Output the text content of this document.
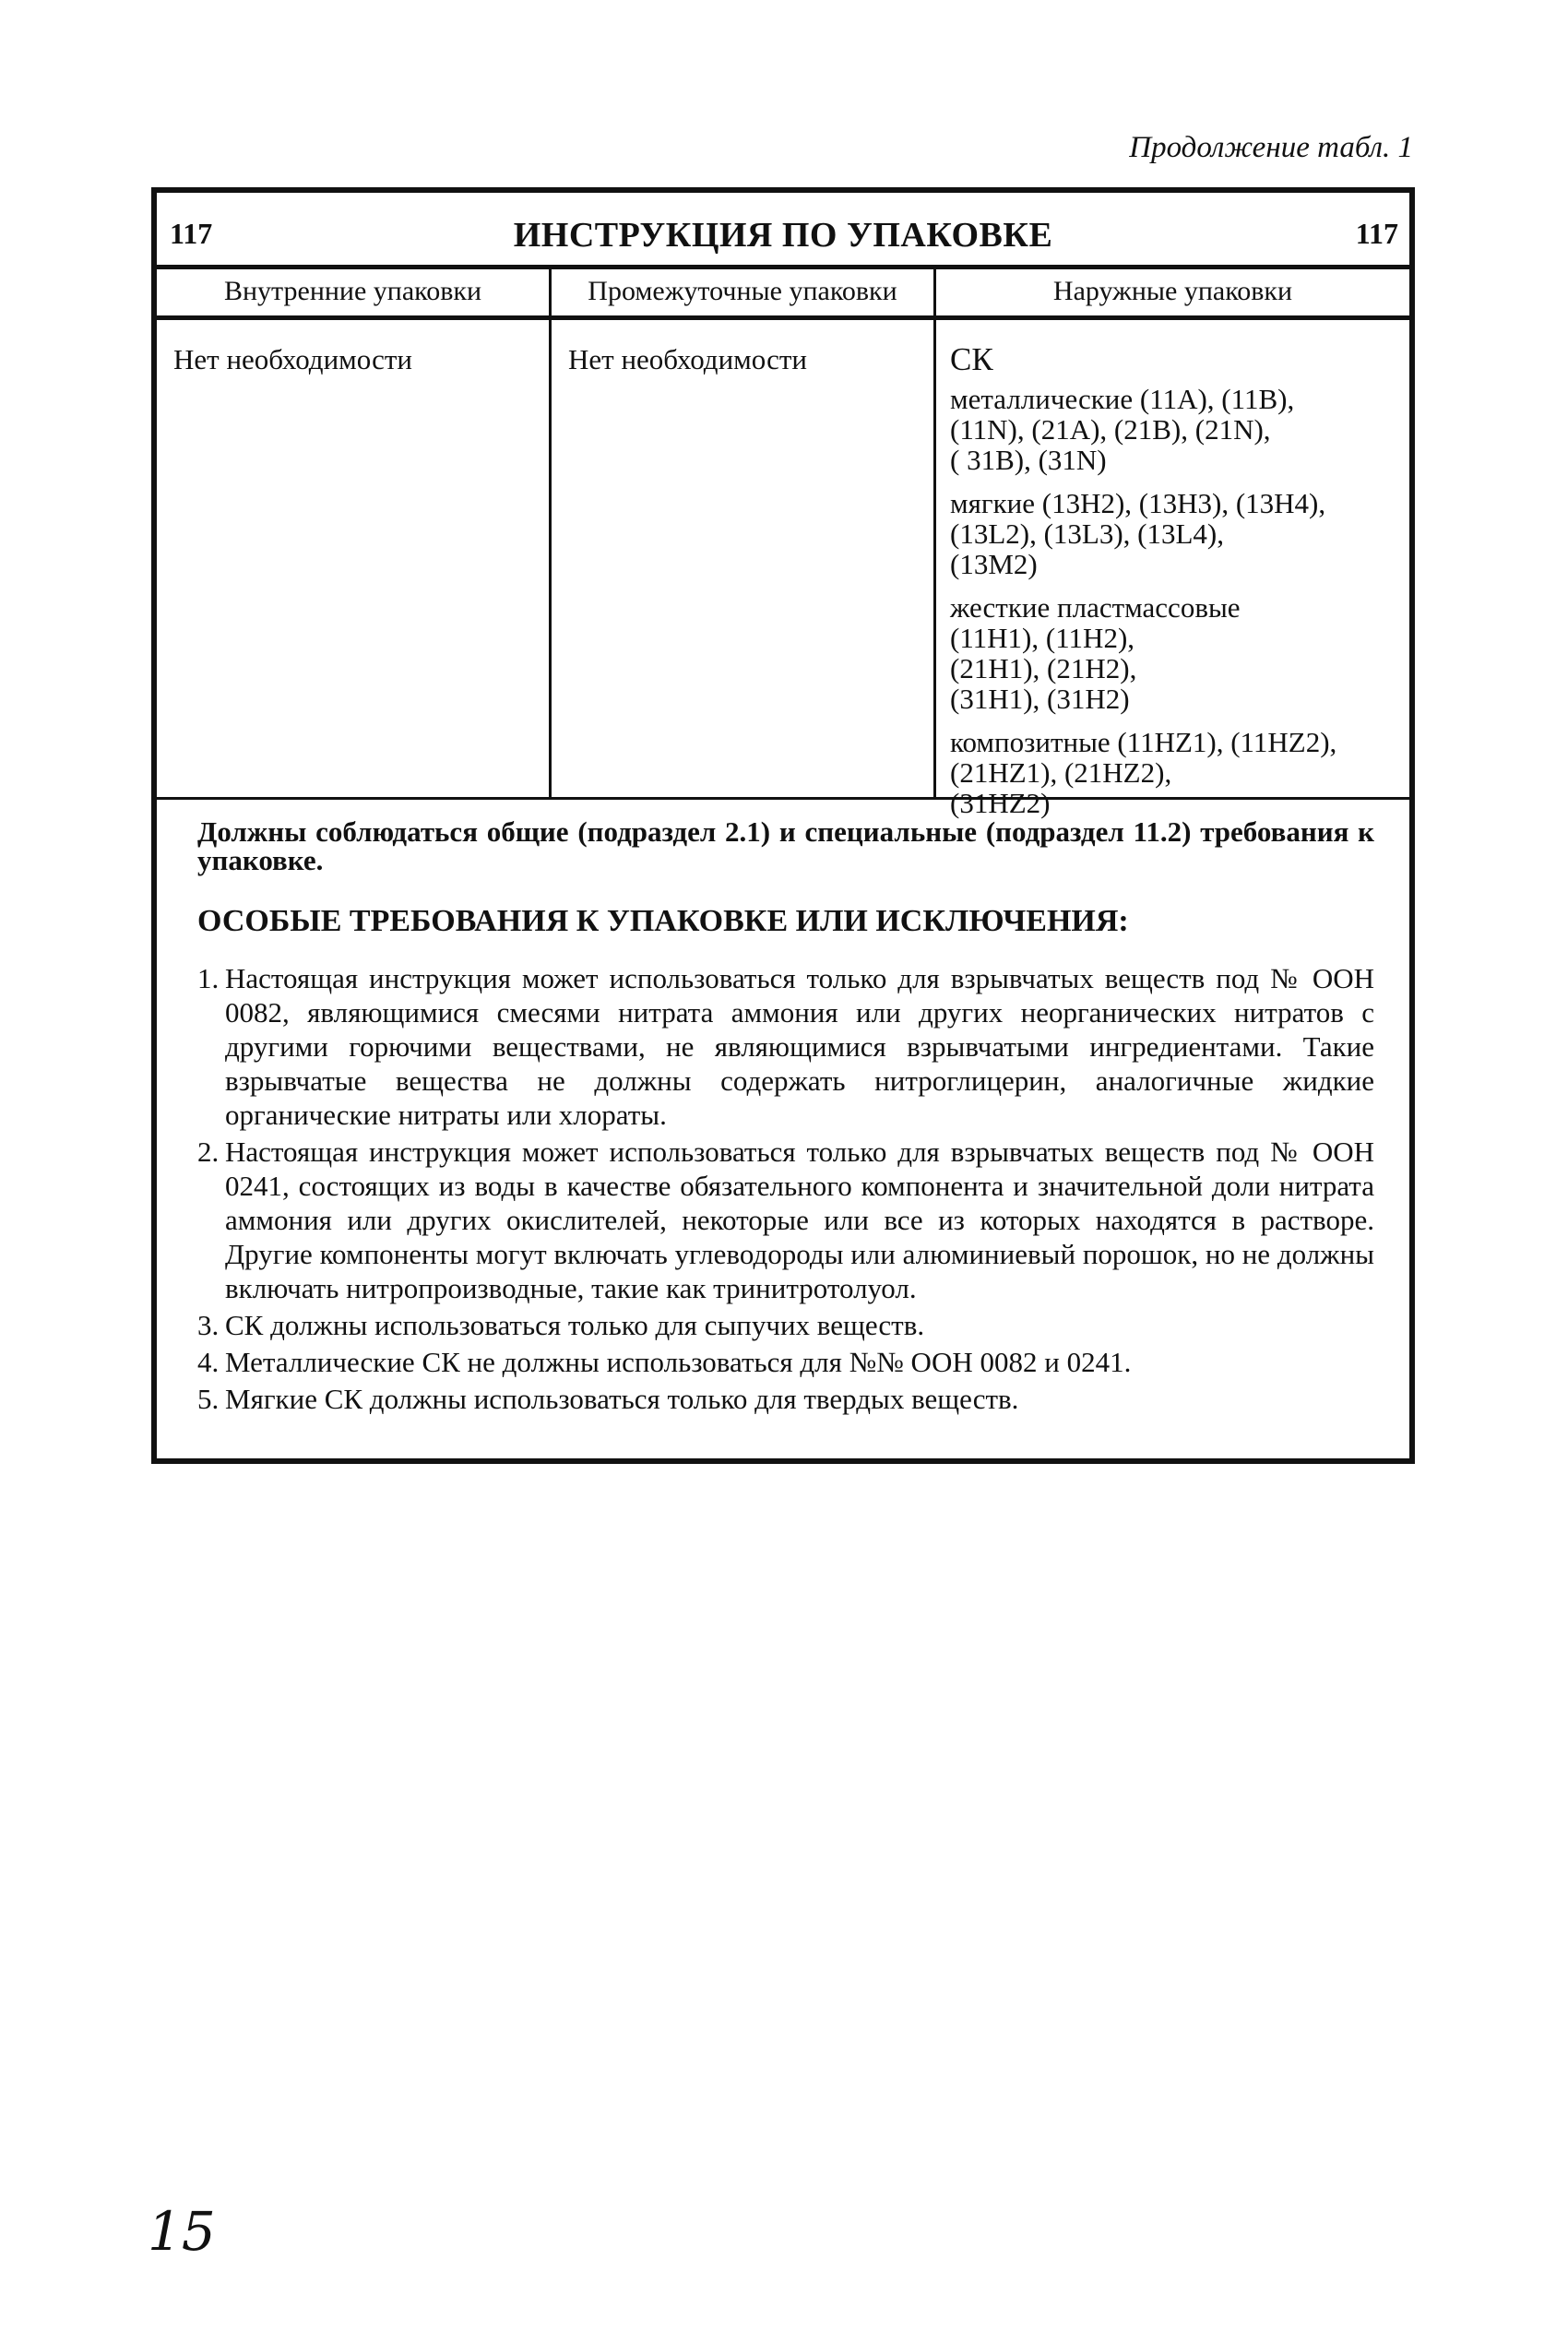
Продолжение табл. 1
117	ИНСТРУКЦИЯ ПО УПАКОВКЕ	117
Внутренние упаковки	Промежуточные упаковки	Наружные упаковки
Нет необходимости	Нет необходимости	СК
металлические (11А), (11В),
(11N), (21A), (21B), (21N),
( 31B), (31N)
мягкие (13Н2), (13Н3), (13Н4),
(13L2), (13L3), (13L4),
(13M2)
жесткие пластмассовые
(11H1), (11H2),
(21H1), (21H2),
(31H1), (31H2)
композитные (11HZ1), (11HZ2),
(21HZ1), (21HZ2),
(31HZ2)
Должны соблюдаться общие (подраздел 2.1) и специальные (подраздел 11.2) требования к упаковке.
ОСОБЫЕ ТРЕБОВАНИЯ К УПАКОВКЕ ИЛИ ИСКЛЮЧЕНИЯ:
1. Настоящая инструкция может использоваться только для взрывчатых веществ под № ООН 0082, являющимися смесями нитрата аммония или других неорганических нитратов с другими горючими веществами, не являющимися взрывчатыми ингредиентами. Такие взрывчатые вещества не должны содержать нитроглицерин, аналогичные жидкие органические нитраты или хлораты.
2. Настоящая инструкция может использоваться только для взрывчатых веществ под № ООН 0241, состоящих из воды в качестве обязательного компонента и значительной доли нитрата аммония или других окислителей, некоторые или все из которых находятся в растворе. Другие компоненты могут включать углеводороды или алюминиевый порошок, но не должны включать нитропроизводные, такие как тринитротолуол.
3. СК должны использоваться только для сыпучих веществ.
4. Металлические СК не должны использоваться для №№ ООН 0082 и 0241.
5. Мягкие СК должны использоваться только для твердых веществ.
15
